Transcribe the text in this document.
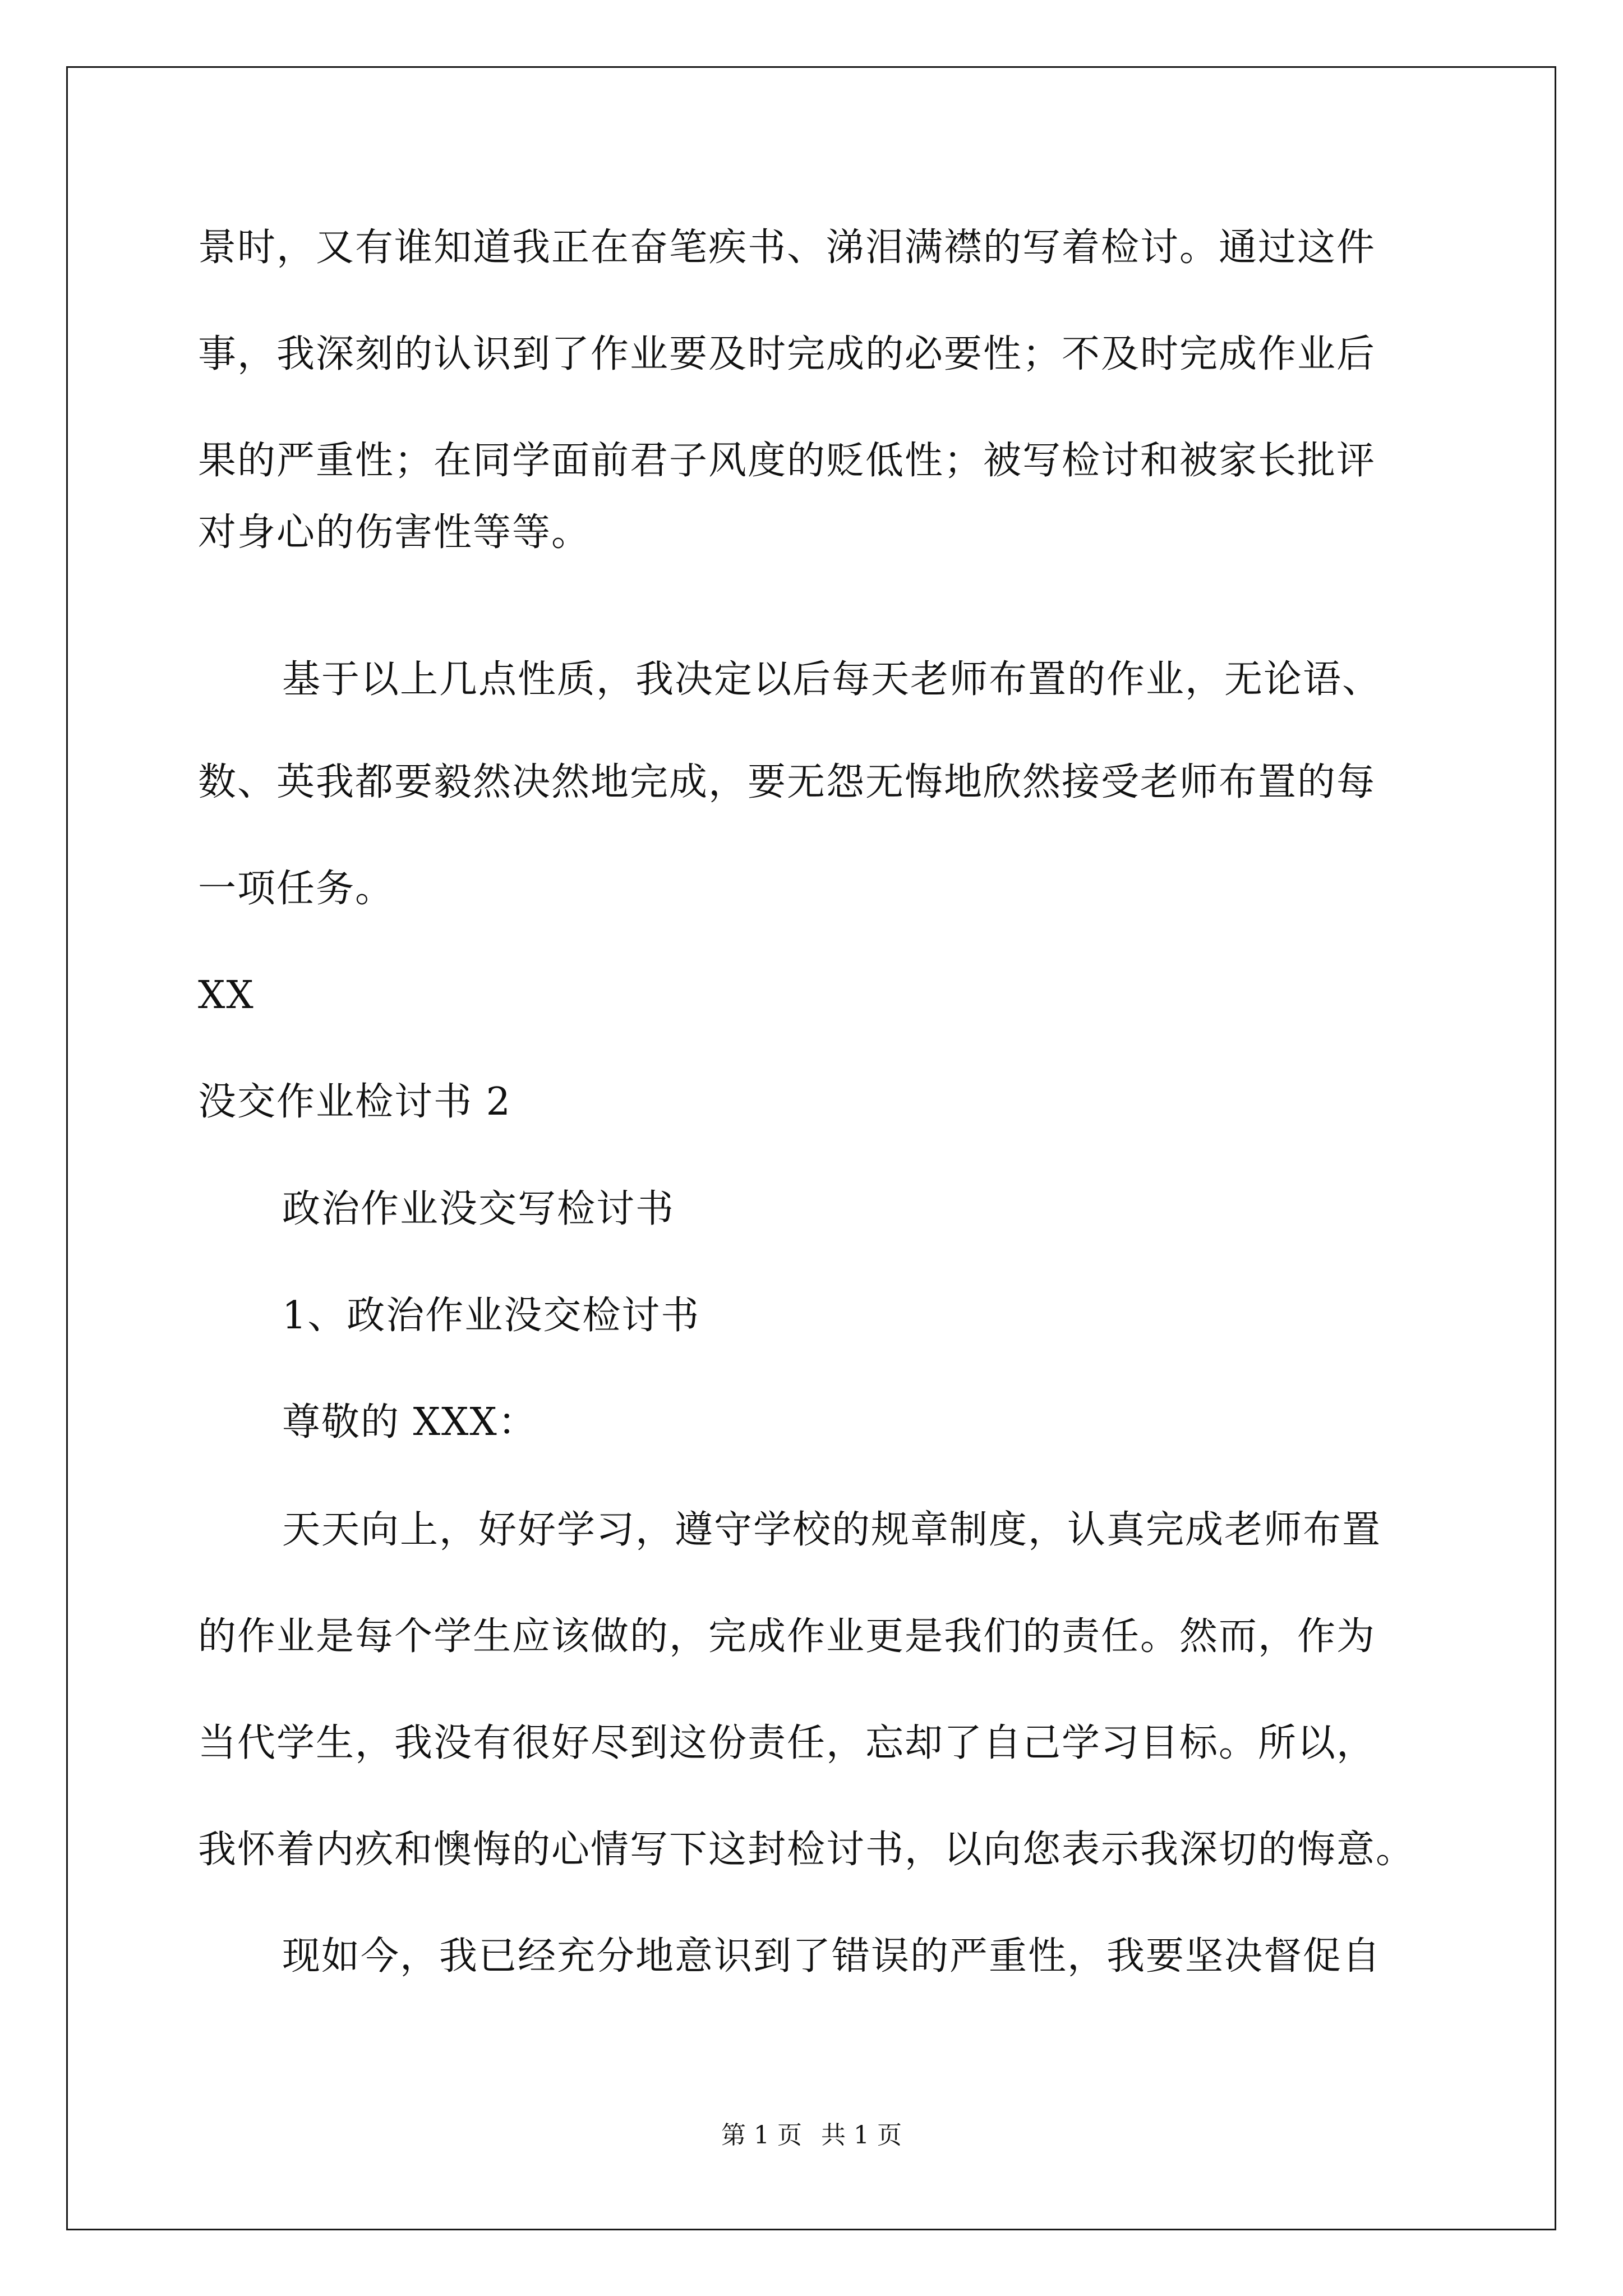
景时，又有谁知道我正在奋笔疾书、涕泪满襟的写着检讨。通过这件
事，我深刻的认识到了作业要及时完成的必要性；不及时完成作业后
果的严重性；在同学面前君子风度的贬低性；被写检讨和被家长批评
对身心的伤害性等等。
基于以上几点性质，我决定以后每天老师布置的作业，无论语、
数、英我都要毅然决然地完成，要无怨无悔地欣然接受老师布置的每
一项任务。
XX
没交作业检讨书 2
政治作业没交写检讨书
1、政治作业没交检讨书
尊敬的 XXX：
天天向上，好好学习，遵守学校的规章制度，认真完成老师布置
的作业是每个学生应该做的，完成作业更是我们的责任。然而，作为
当代学生，我没有很好尽到这份责任，忘却了自己学习目标。所以，
我怀着内疚和懊悔的心情写下这封检讨书，以向您表示我深切的悔意。
现如今，我已经充分地意识到了错误的严重性，我要坚决督促自
第 1 页 共 1 页
